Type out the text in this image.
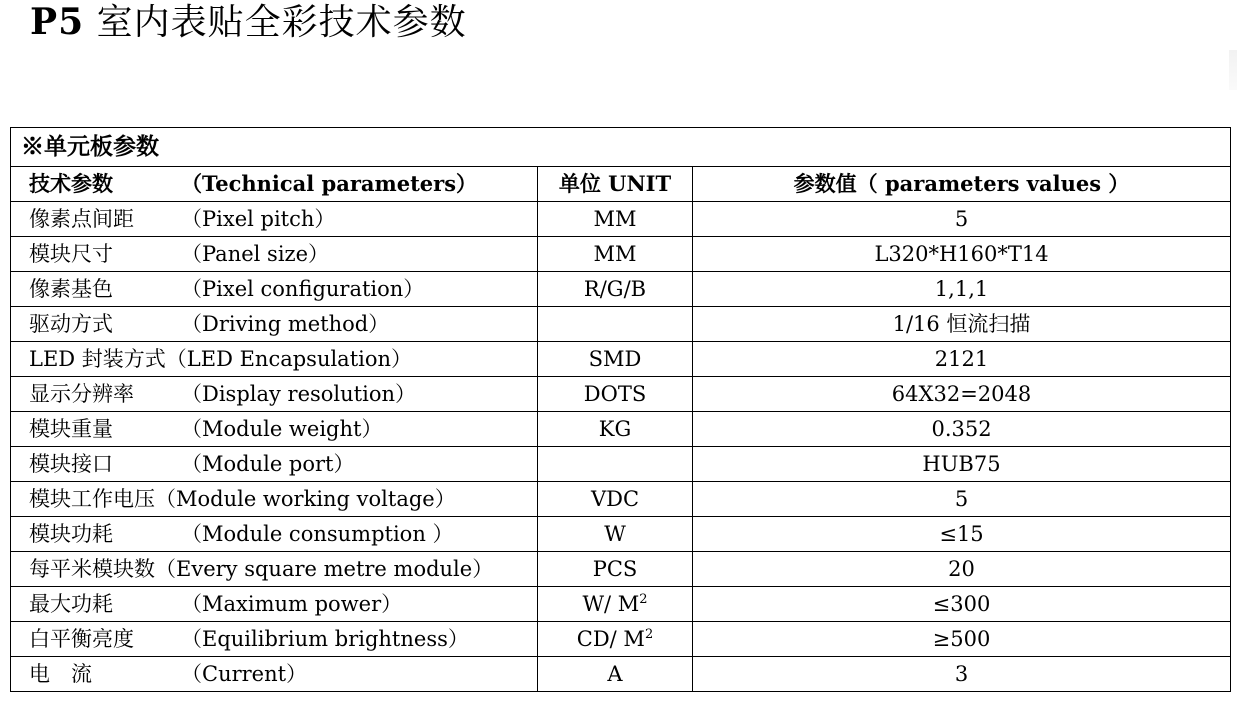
P5 室内表贴全彩技术参数
※单元板参数		
技术参数 （Technical parameters）	单位 UNIT	参数值（ parameters values ）
像素点间距 （Pixel pitch）	MM	5
模块尺寸 （Panel size）	MM	L320*H160*T14
像素基色 （Pixel configuration）	R/G/B	1,1,1
驱动方式 （Driving method）		1/16 恒流扫描
LED 封装方式（LED Encapsulation）	SMD	2121
显示分辨率 （Display resolution）	DOTS	64X32=2048
模块重量 （Module weight）	KG	0.352
模块接口 （Module port）		HUB75
模块工作电压（Module working voltage）	VDC	5
模块功耗 （Module consumption ）	W	≤15
每平米模块数（Every square metre module）	PCS	20
最大功耗 （Maximum power）	W/ $M^2$	≤300
白平衡亮度 （Equilibrium brightness）	CD/ $M^2$	≥500
电　流 （Current）	A	3
